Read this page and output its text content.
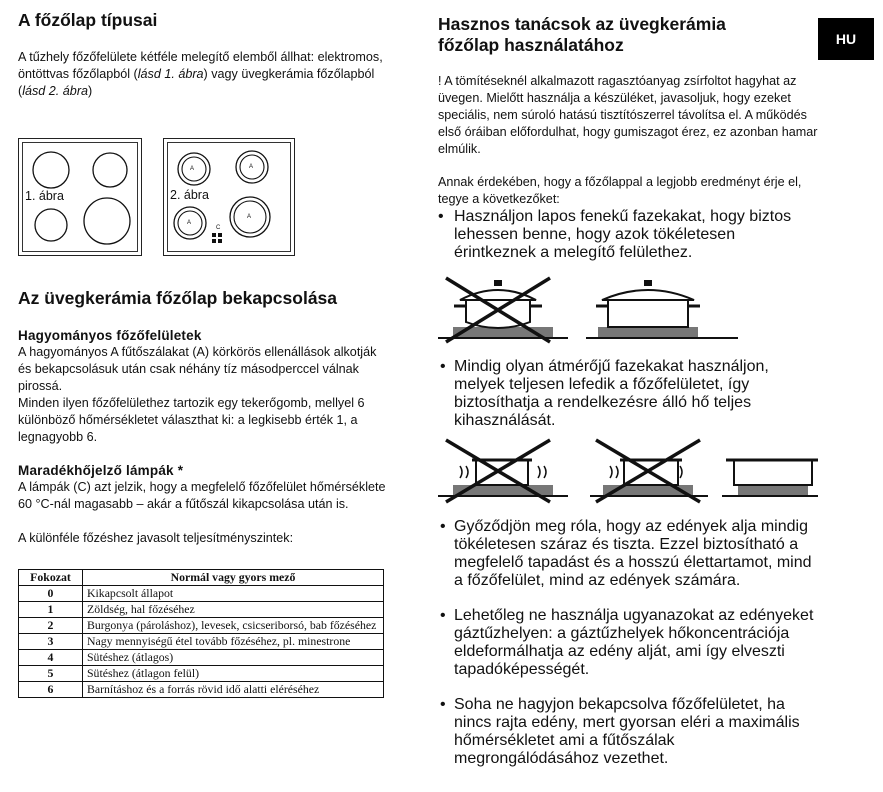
HU
A főzőlap típusai

A tűzhely főzőfelülete kétféle melegítő elemből állhat: elektromos, öntöttvas főzőlapból (lásd 1. ábra) vagy üvegkerámia főzőlapból (lásd 2. ábra)

1. ábra
A	A
A
A
C
2. ábra
Az üvegkerámia főzőlap bekapcsolása
Hagyományos főzőfelületek

A hagyományos A fűtőszálakat (A) körkörös ellenállások alkotják és bekapcsolásuk után csak néhány tíz másodperccel válnak pirossá.

Minden ilyen főzőfelülethez tartozik egy tekerőgomb, mellyel 6 különböző hőmérsékletet választhat ki: a legkisebb érték 1, a legnagyobb 6.

Maradékhőjelző lámpák *

A lámpák (C) azt jelzik, hogy a megfelelő főzőfelület hőmérséklete 60 °C-nál magasabb – akár a fűtőszál kikapcsolása után is.

A különféle főzéshez javasolt teljesítményszintek:

Fokozat	Normál vagy gyors mező
0	Kikapcsolt állapot
1	Zöldség, hal főzéséhez
2	Burgonya (pároláshoz), levesek, csicseriborsó, bab főzéséhez
3	Nagy mennyiségű étel tovább főzéséhez, pl. minestrone
4	Sütéshez (átlagos)
5	Sütéshez (átlagon felül)
6	Barnításhoz és a forrás rövid idő alatti eléréséhez
Hasznos tanácsok az üvegkerámia főzőlap használatához

! A tömítéseknél alkalmazott ragasztóanyag zsírfoltot hagyhat az üvegen. Mielőtt használja a készüléket, javasoljuk, hogy ezeket speciális, nem súroló hatású tisztítószerrel távolítsa el. A működés első óráiban előfordulhat, hogy gumiszagot érez, ez azonban hamar elmúlik.

Annak érdekében, hogy a főzőlappal a legjobb eredményt érje el, tegye a következőket:

• Használjon lapos fenekű fazekakat, hogy biztos lehessen benne, hogy azok tökéletesen érintkeznek a melegítő felülethez.
• Mindig olyan átmérőjű fazekakat használjon, melyek teljesen lefedik a főzőfelületet, így biztosíthatja a rendelkezésre álló hő teljes kihasználását.
• Győződjön meg róla, hogy az edények alja mindig tökéletesen száraz és tiszta. Ezzel biztosítható a megfelelő tapadást és a hosszú élettartamot, mind a főzőfelület, mind az edények számára.
• Lehetőleg ne használja ugyanazokat az edényeket gáztűzhelyen: a gáztűzhelyek hőkoncentrációja eldeformálhatja az edény alját, ami így elveszti tapadóképességét.
• Soha ne hagyjon bekapcsolva főzőfelületet, ha nincs rajta edény, mert gyorsan eléri a maximális hőmérsékletet ami a fűtőszálak megrongálódásához vezethet.
